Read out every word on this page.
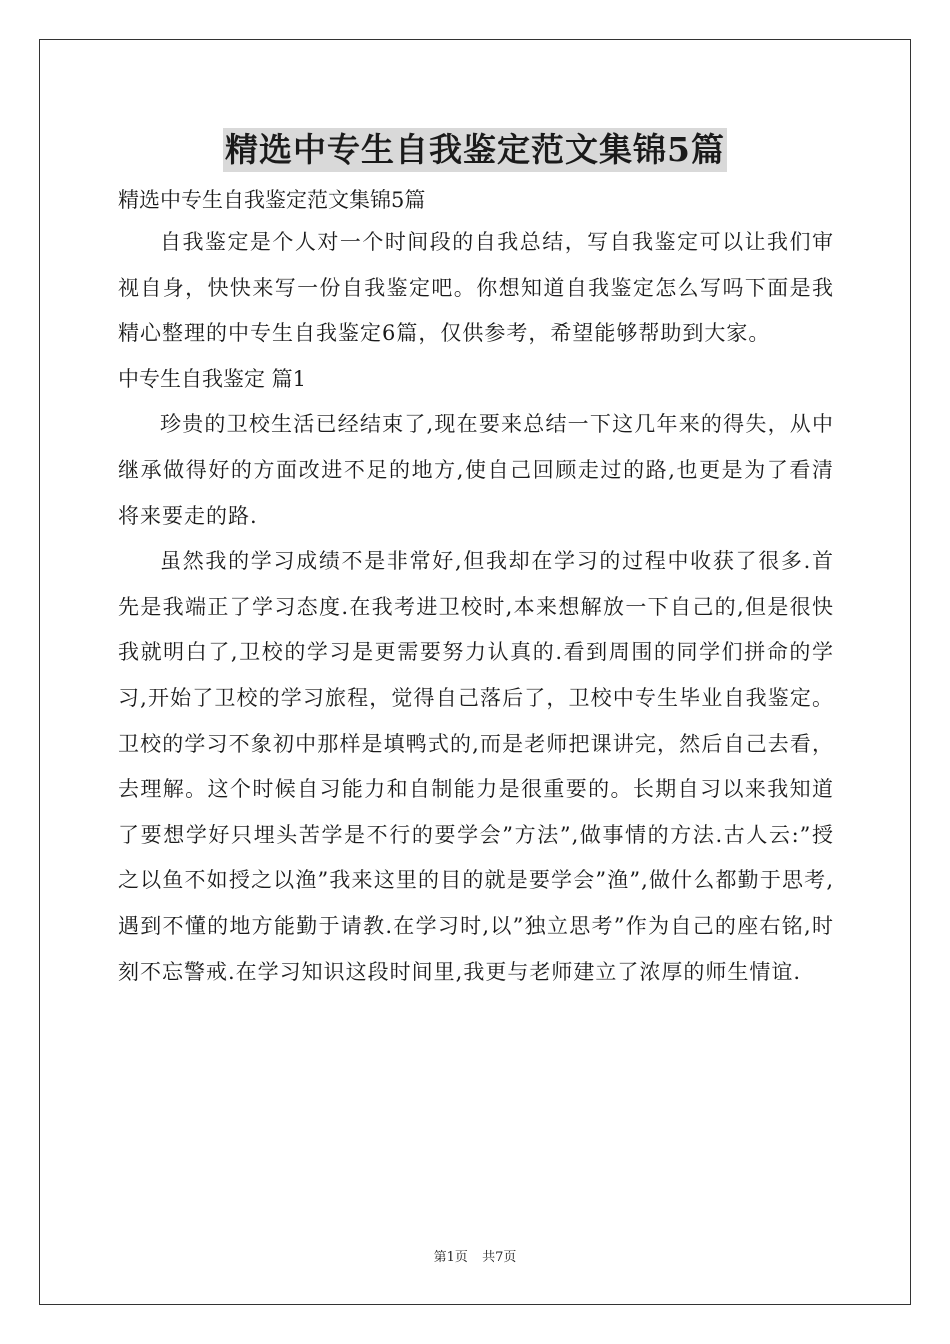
精选中专生自我鉴定范文集锦5篇

精选中专生自我鉴定范文集锦5篇

自我鉴定是个人对一个时间段的自我总结，写自我鉴定可以让我们审视自身，快快来写一份自我鉴定吧。你想知道自我鉴定怎么写吗下面是我精心整理的中专生自我鉴定6篇，仅供参考，希望能够帮助到大家。

中专生自我鉴定 篇1

珍贵的卫校生活已经结束了,现在要来总结一下这几年来的得失，从中继承做得好的方面改进不足的地方,使自己回顾走过的路,也更是为了看清将来要走的路.

虽然我的学习成绩不是非常好,但我却在学习的过程中收获了很多.首先是我端正了学习态度.在我考进卫校时,本来想解放一下自己的,但是很快我就明白了,卫校的学习是更需要努力认真的.看到周围的同学们拼命的学习,开始了卫校的学习旅程，觉得自己落后了，卫校中专生毕业自我鉴定。卫校的学习不象初中那样是填鸭式的,而是老师把课讲完，然后自己去看，去理解。这个时候自习能力和自制能力是很重要的。长期自习以来我知道了要想学好只埋头苦学是不行的要学会”方法”,做事情的方法.古人云:”授之以鱼不如授之以渔”我来这里的目的就是要学会”渔”,做什么都勤于思考,遇到不懂的地方能勤于请教.在学习时,以”独立思考”作为自己的座右铭,时刻不忘警戒.在学习知识这段时间里,我更与老师建立了浓厚的师生情谊.

第1页 共7页
